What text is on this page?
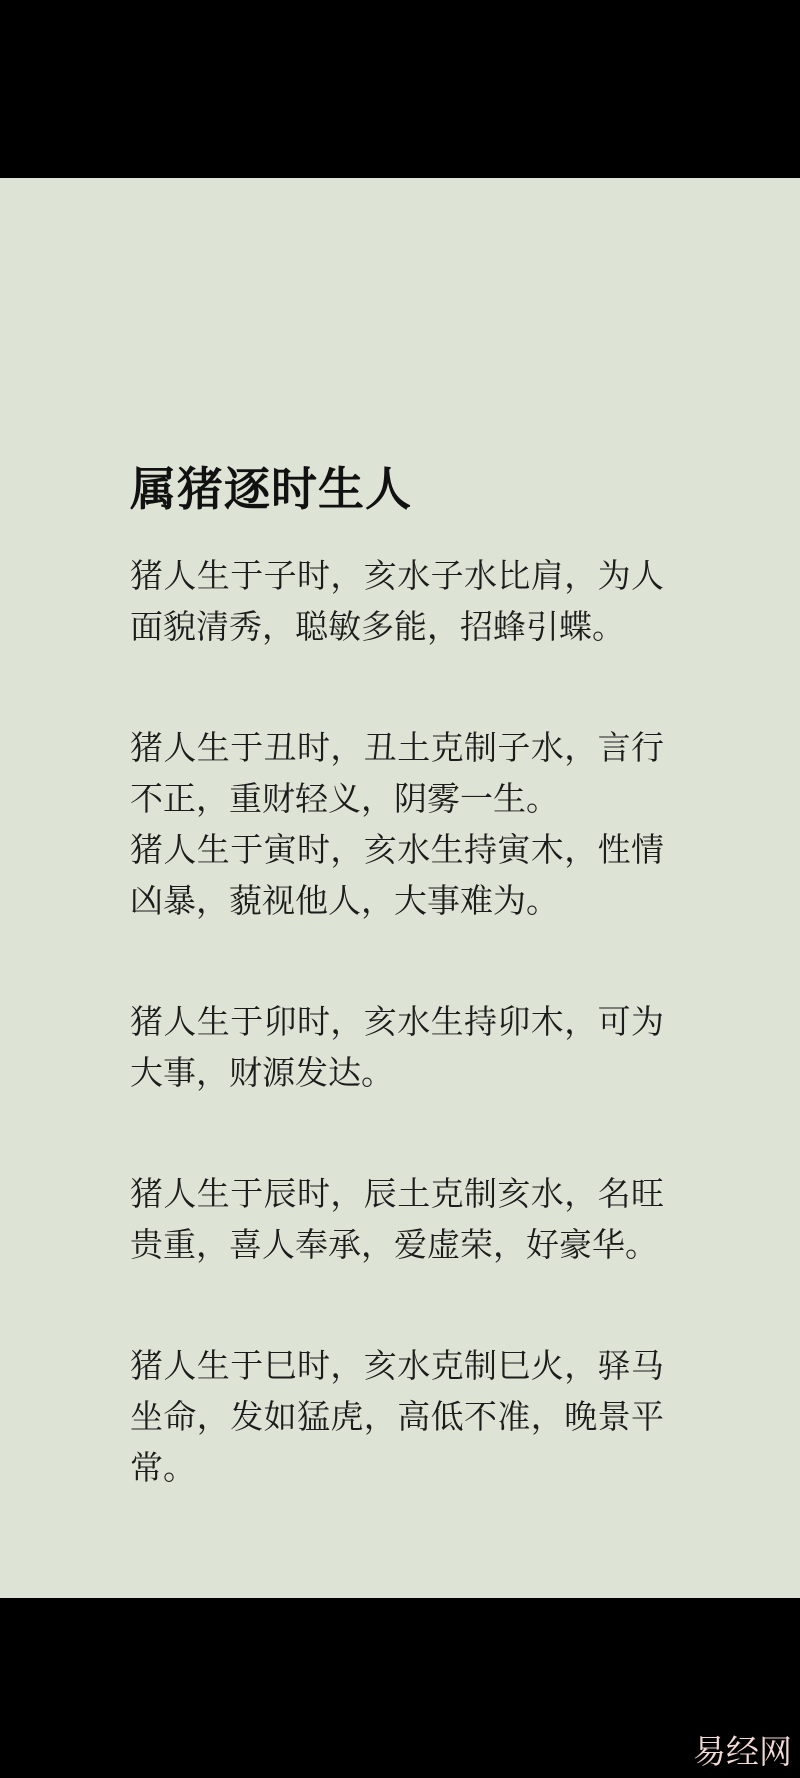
属猪逐时生人
猪人生于子时，亥水子水比肩，为人面貌清秀，聪敏多能，招蜂引蝶。
猪人生于丑时，丑土克制子水，言行不正，重财轻义，阴雾一生。
猪人生于寅时，亥水生持寅木，性情凶暴，藐视他人，大事难为。
猪人生于卯时，亥水生持卯木，可为大事，财源发达。
猪人生于辰时，辰土克制亥水，名旺贵重，喜人奉承，爱虚荣，好豪华。
猪人生于巳时，亥水克制巳火，驿马坐命，发如猛虎，高低不准，晚景平常。
易经网
